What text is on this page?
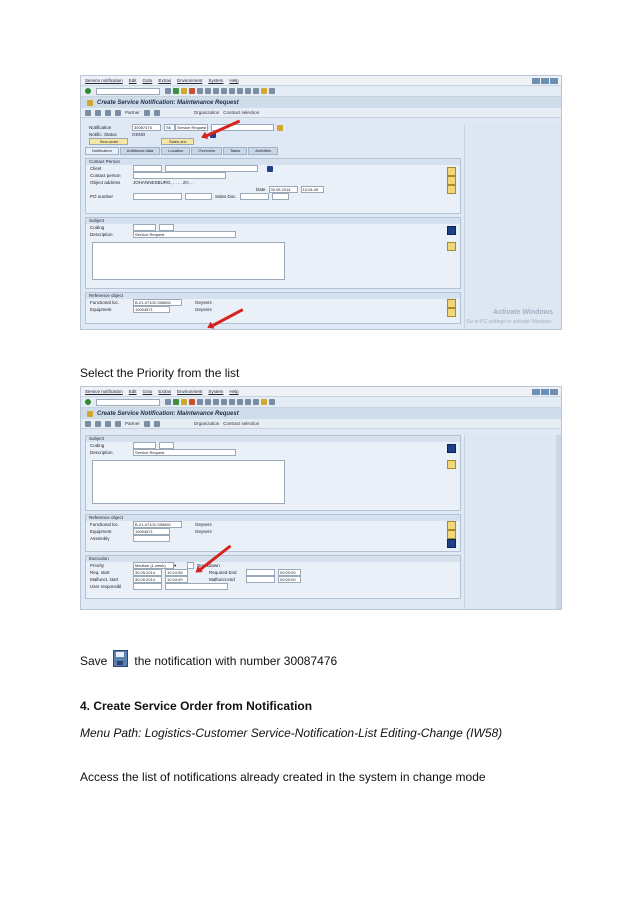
Service notification Edit Goto Extras Environment System Help
Create Service Notification: Maintenance Request
Partner	Organization Contract selection
Activate Windows
Go to PC settings to activate Windows.
Notification	30087476	S6	Service Request
Notific. Status	OSNO
Serv.order	Sales ord.
Notification	Additional data	Location	Overview	Tasks	Activities
Contact Person
Client
Contact person
Object address	JOHANNESBURG, . . . . ZA, . .
Date	30.05.2014	10:24:49
PO number	Sales Doc.
Subject
Coding
Description	Service Request
Reference object
Functional loc.	B-21-07102-S08801	Geysers
Equipment	10094571	Geysers
Select the Priority from the list
Service notification Edit Goto Extras Environment System Help
Create Service Notification: Maintenance Request
Partner	Organization Contract selection
Subject
Coding
Description	Service Request
Reference object
Functional loc.	B-21-07102-S08801	Geysers
Equipment	10094571	Geysers
Assembly
Execution
Priority	Medium (1 week)	▾	Breakdown
Req. start	30.05.2014	10:24:55	Required End	00:00:00
Malfunct. start	30.05.2014	10:24:49	Malfunct.end	00:00:00
User responsibl
Save the notification with number 30087476
4. Create Service Order from Notification
Menu Path: Logistics-Customer Service-Notification-List Editing-Change (IW58)
Access the list of notifications already created in the system in change mode
